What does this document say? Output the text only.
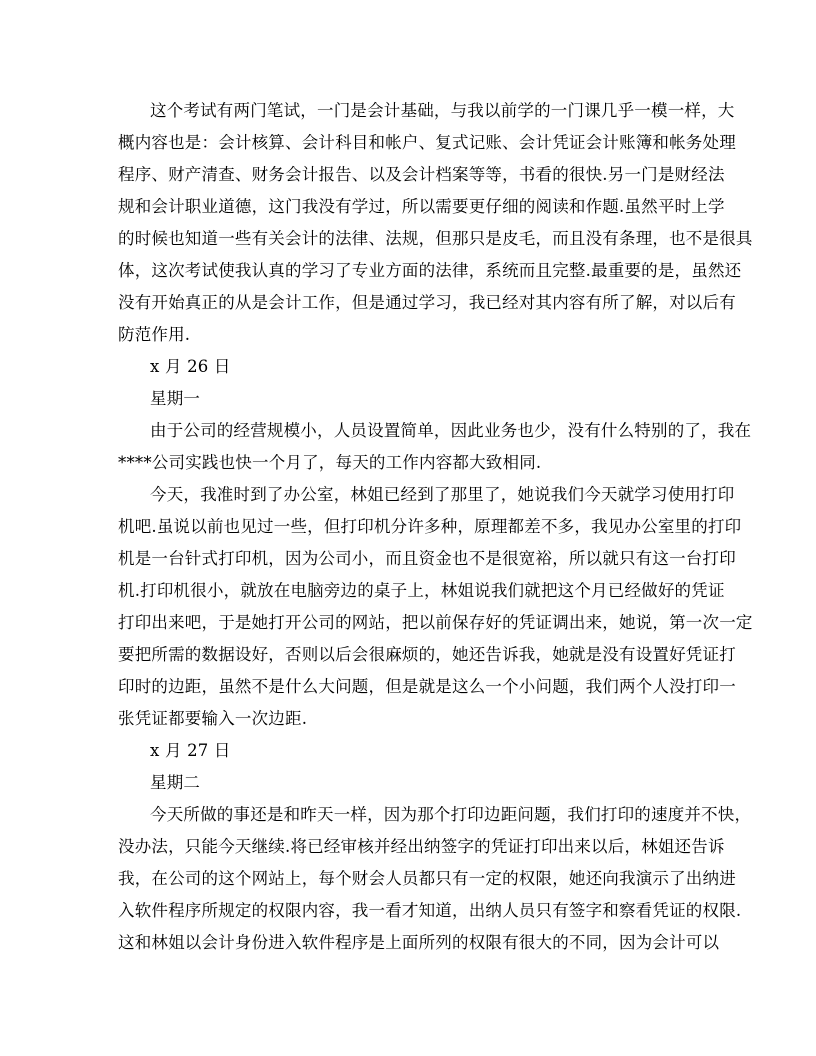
这个考试有两门笔试，一门是会计基础，与我以前学的一门课几乎一模一样，大
概内容也是：会计核算、会计科目和帐户、复式记账、会计凭证会计账簿和帐务处理
程序、财产清查、财务会计报告、以及会计档案等等，书看的很快.另一门是财经法
规和会计职业道德，这门我没有学过，所以需要更仔细的阅读和作题.虽然平时上学
的时候也知道一些有关会计的法律、法规，但那只是皮毛，而且没有条理，也不是很具
体，这次考试使我认真的学习了专业方面的法律，系统而且完整.最重要的是，虽然还
没有开始真正的从是会计工作，但是通过学习，我已经对其内容有所了解，对以后有
防范作用.
x 月 26 日
星期一
由于公司的经营规模小，人员设置简单，因此业务也少，没有什么特别的了，我在
****公司实践也快一个月了，每天的工作内容都大致相同.
今天，我准时到了办公室，林姐已经到了那里了，她说我们今天就学习使用打印
机吧.虽说以前也见过一些，但打印机分许多种，原理都差不多，我见办公室里的打印
机是一台针式打印机，因为公司小，而且资金也不是很宽裕，所以就只有这一台打印
机.打印机很小，就放在电脑旁边的桌子上，林姐说我们就把这个月已经做好的凭证
打印出来吧，于是她打开公司的网站，把以前保存好的凭证调出来，她说，第一次一定
要把所需的数据设好，否则以后会很麻烦的，她还告诉我，她就是没有设置好凭证打
印时的边距，虽然不是什么大问题，但是就是这么一个小问题，我们两个人没打印一
张凭证都要输入一次边距.
x 月 27 日
星期二
今天所做的事还是和昨天一样，因为那个打印边距问题，我们打印的速度并不快，
没办法，只能今天继续.将已经审核并经出纳签字的凭证打印出来以后，林姐还告诉
我，在公司的这个网站上，每个财会人员都只有一定的权限，她还向我演示了出纳进
入软件程序所规定的权限内容，我一看才知道，出纳人员只有签字和察看凭证的权限.
这和林姐以会计身份进入软件程序是上面所列的权限有很大的不同，因为会计可以
